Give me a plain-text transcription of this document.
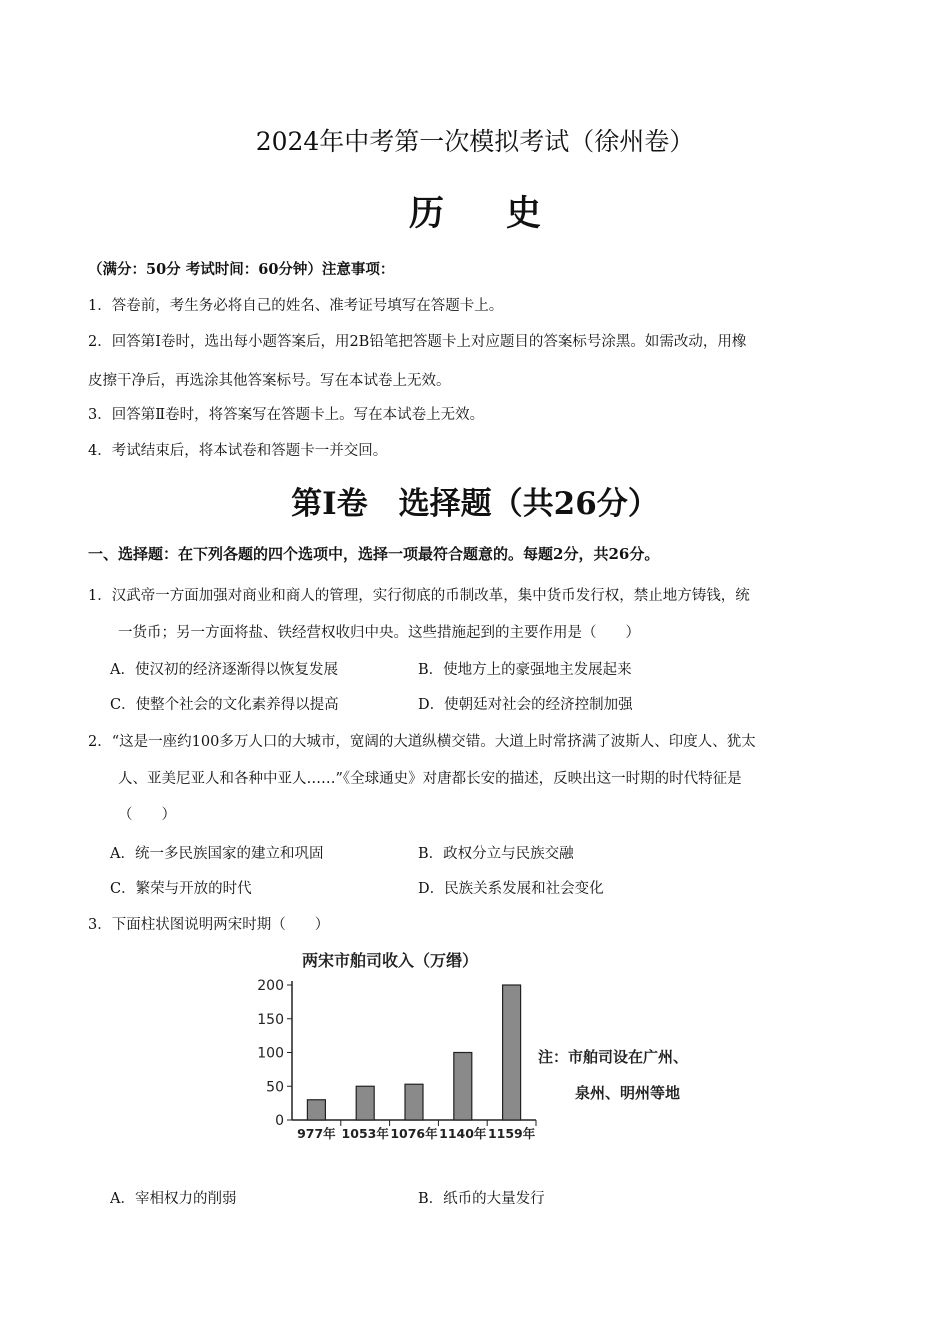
2024年中考第一次模拟考试（徐州卷）
历史
（满分：50分 考试时间：60分钟）注意事项：
1．答卷前，考生务必将自己的姓名、准考证号填写在答题卡上。
2．回答第Ⅰ卷时，选出每小题答案后，用2B铅笔把答题卡上对应题目的答案标号涂黑。如需改动，用橡
皮擦干净后，再选涂其他答案标号。写在本试卷上无效。
3．回答第Ⅱ卷时，将答案写在答题卡上。写在本试卷上无效。
4．考试结束后，将本试卷和答题卡一并交回。
第Ⅰ卷　选择题（共26分）
一、选择题：在下列各题的四个选项中，选择一项最符合题意的。每题2分，共26分。
1．汉武帝一方面加强对商业和商人的管理，实行彻底的币制改革，集中货币发行权，禁止地方铸钱，统
一货币；另一方面将盐、铁经营权收归中央。这些措施起到的主要作用是（　　）
A．使汉初的经济逐渐得以恢复发展	B．使地方上的豪强地主发展起来
C．使整个社会的文化素养得以提高	D．使朝廷对社会的经济控制加强
2．“这是一座约100多万人口的大城市，宽阔的大道纵横交错。大道上时常挤满了波斯人、印度人、犹太
人、亚美尼亚人和各种中亚人……”《全球通史》对唐都长安的描述，反映出这一时期的时代特征是
（　　）
A．统一多民族国家的建立和巩固	B．政权分立与民族交融
C．繁荣与开放的时代	D．民族关系发展和社会变化
3．下面柱状图说明两宋时期（　　）
两宋市舶司收入（万缗）
0
50
100
150
200
977年 1053年 1076年 1140年 1159年
注：市舶司设在广州、
泉州、明州等地
A．宰相权力的削弱	B．纸币的大量发行
